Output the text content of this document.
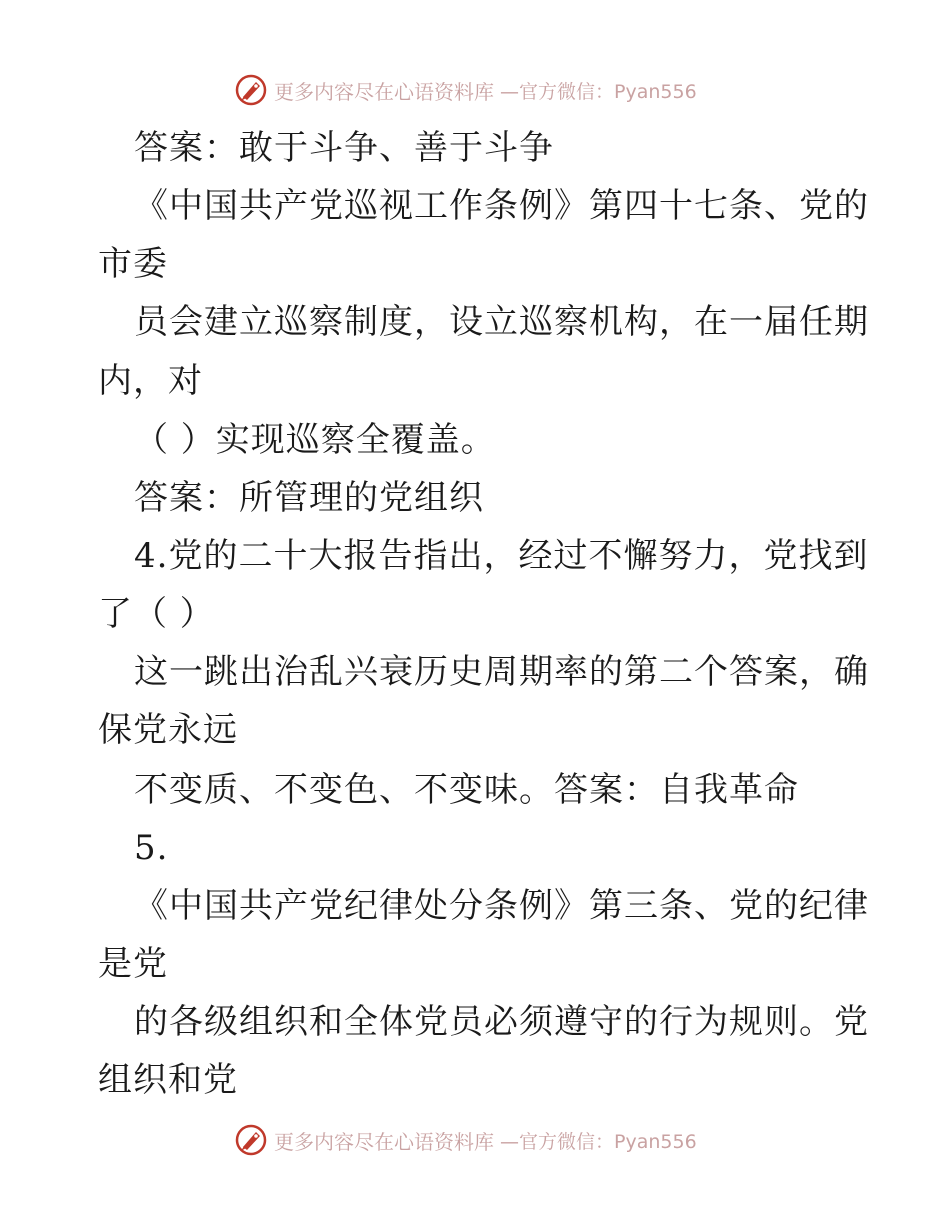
更多内容尽在心语资料库 —官方微信：Pyan556
答案：敢于斗争、善于斗争
《中国共产党巡视工作条例》第四十七条、党的
市委
员会建立巡察制度，设立巡察机构，在一届任期
内，对
（ ）实现巡察全覆盖。
答案：所管理的党组织
4.党的二十大报告指出，经过不懈努力，党找到
了（ ）
这一跳出治乱兴衰历史周期率的第二个答案，确
保党永远
不变质、不变色、不变味。答案：自我革命
5.
《中国共产党纪律处分条例》第三条、党的纪律
是党
的各级组织和全体党员必须遵守的行为规则。党
组织和党
更多内容尽在心语资料库 —官方微信：Pyan556
